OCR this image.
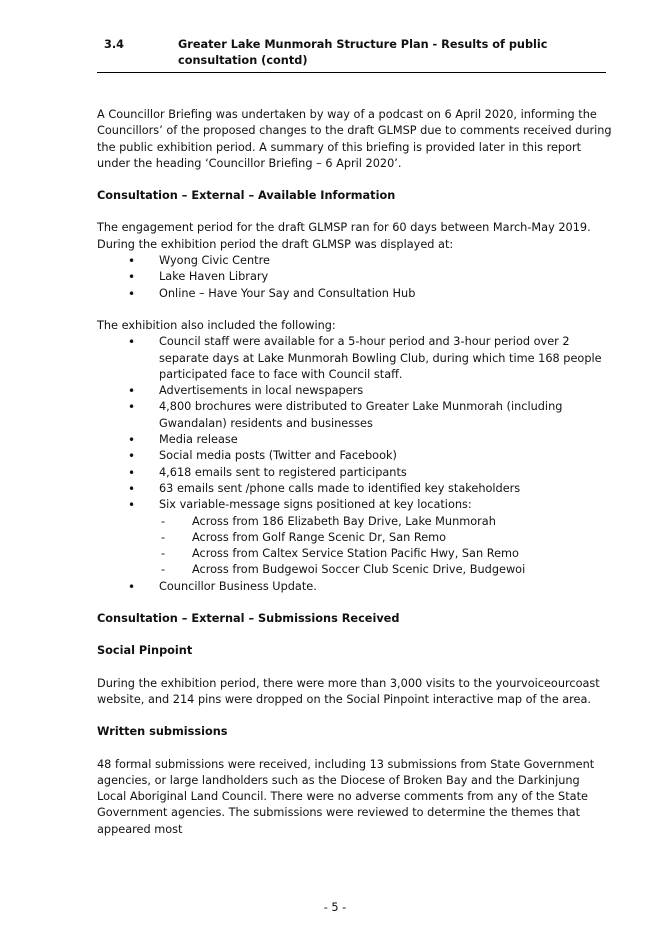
3.4	Greater Lake Munmorah Structure Plan - Results of public consultation (contd)

A Councillor Briefing was undertaken by way of a podcast on 6 April 2020, informing the Councillors’ of the proposed changes to the draft GLMSP due to comments received during the public exhibition period. A summary of this briefing is provided later in this report under the heading ‘Councillor Briefing – 6 April 2020’.

Consultation – External – Available Information

The engagement period for the draft GLMSP ran for 60 days between March-May 2019. During the exhibition period the draft GLMSP was displayed at:

• Wyong Civic Centre
• Lake Haven Library
• Online – Have Your Say and Consultation Hub

The exhibition also included the following:

• Council staff were available for a 5-hour period and 3-hour period over 2 separate days at Lake Munmorah Bowling Club, during which time 168 people participated face to face with Council staff.
• Advertisements in local newspapers
• 4,800 brochures were distributed to Greater Lake Munmorah (including Gwandalan) residents and businesses
• Media release
• Social media posts (Twitter and Facebook)
• 4,618 emails sent to registered participants
• 63 emails sent /phone calls made to identified key stakeholders
• Six variable-message signs positioned at key locations:
- Across from 186 Elizabeth Bay Drive, Lake Munmorah
- Across from Golf Range Scenic Dr, San Remo
- Across from Caltex Service Station Pacific Hwy, San Remo
- Across from Budgewoi Soccer Club Scenic Drive, Budgewoi
• Councillor Business Update.

Consultation – External – Submissions Received

Social Pinpoint

During the exhibition period, there were more than 3,000 visits to the yourvoiceourcoast website, and 214 pins were dropped on the Social Pinpoint interactive map of the area.

Written submissions

48 formal submissions were received, including 13 submissions from State Government agencies, or large landholders such as the Diocese of Broken Bay and the Darkinjung Local Aboriginal Land Council. There were no adverse comments from any of the State Government agencies. The submissions were reviewed to determine the themes that appeared most

- 5 -
